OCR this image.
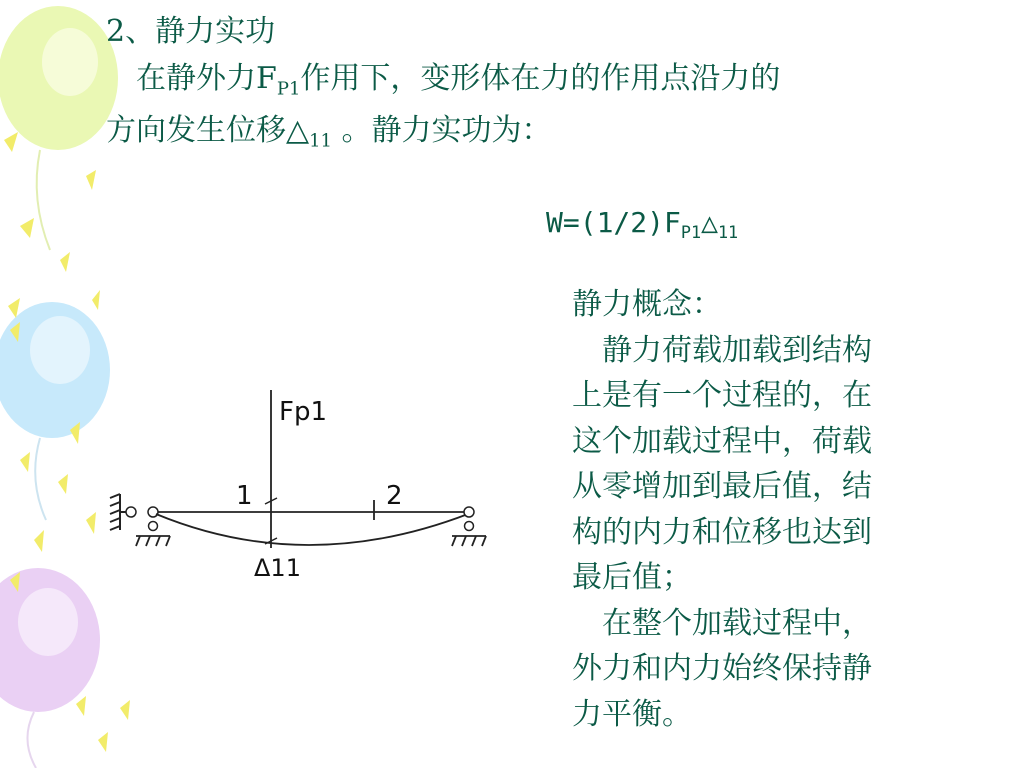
2、静力实功
　在静外力$F_{P1}$作用下，变形体在力的作用点沿力的
方向发生位移$\triangle_{11}$ 。静力实功为：
$W=(1/2)F_{P1}\triangle_{11}$
Fp1
1	2
Δ11
静力概念：
　静力荷载加载到结构
上是有一个过程的，在
这个加载过程中，荷载
从零增加到最后值，结
构的内力和位移也达到
最后值；
　在整个加载过程中，
外力和内力始终保持静
力平衡。
